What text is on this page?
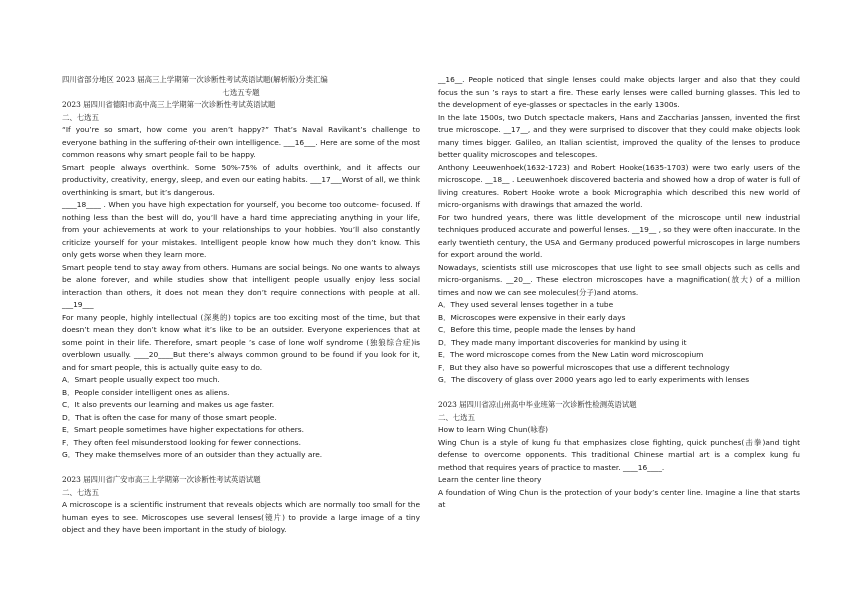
四川省部分地区 2023 届高三上学期第一次诊断性考试英语试题(解析版)分类汇编

七选五专题

2023 届四川省德阳市高中高三上学期第一次诊断性考试英语试题

二、七选五

“If you’re so smart, how come you aren’t happy?” That’s Naval Ravikant’s challenge to everyone bathing in the suffering of-their own intelligence. ___16___. Here are some of the most common reasons why smart people fail to be happy.

Smart people always overthink. Some 50%-75% of adults overthink, and it affects our productivity, creativity, energy, sleep, and even our eating habits. ___17___Worst of all, we think overthinking is smart, but it’s dangerous.

____18____ . When you have high expectation for yourself, you become too outcome- focused. If nothing less than the best will do, you’ll have a hard time appreciating anything in your life, from your achievements at work to your relationships to your hobbies. You’ll also constantly criticize yourself for your mistakes. Intelligent people know how much they don’t know. This only gets worse when they learn more.

Smart people tend to stay away from others. Humans are social beings. No one wants to always be alone forever, and while studies show that intelligent people usually enjoy less social interaction than others, it does not mean they don’t require connections with people at all. ___19___

For many people, highly intellectual (深奥的) topics are too exciting most of the time, but that doesn’t mean they don’t know what it’s like to be an outsider. Everyone experiences that at some point in their life. Therefore, smart people ’s case of lone wolf syndrome (独狼综合症)is overblown usually. ____20____But there’s always common ground to be found if you look for it, and for smart people, this is actually quite easy to do.

A．Smart people usually expect too much.

B．People consider intelligent ones as aliens.

C．It also prevents our learning and makes us age faster.

D．That is often the case for many of those smart people.

E．Smart people sometimes have higher expectations for others.

F．They often feel misunderstood looking for fewer connections.

G．They make themselves more of an outsider than they actually are.

2023 届四川省广安市高三上学期第一次诊断性考试英语试题

二、七选五

A microscope is a scientific instrument that reveals objects which are normally too small for the human eyes to see. Microscopes use several lenses(镜片) to provide a large image of a tiny object and they have been important in the study of biology.

__16__. People noticed that single lenses could make objects larger and also that they could focus the sun ’s rays to start a fire. These early lenses were called burning glasses. This led to the development of eye-glasses or spectacles in the early 1300s.

In the late 1500s, two Dutch spectacle makers, Hans and Zaccharias Janssen, invented the first true microscope. __17__, and they were surprised to discover that they could make objects look many times bigger. Galileo, an Italian scientist, improved the quality of the lenses to produce better quality microscopes and telescopes.

Anthony Leeuwenhoek(1632-1723) and Robert Hooke(1635-1703) were two early users of the microscope. __18__ . Leeuwenhoek discovered bacteria and showed how a drop of water is full of living creatures. Robert Hooke wrote a book Micrographia which described this new world of micro-organisms with drawings that amazed the world.

For two hundred years, there was little development of the microscope until new industrial techniques produced accurate and powerful lenses. __19__ , so they were often inaccurate. In the early twentieth century, the USA and Germany produced powerful microscopes in large numbers for export around the world.

Nowadays, scientists still use microscopes that use light to see small objects such as cells and micro-organisms. __20__. These electron microscopes have a magnification(放大) of a million times and now we can see molecules(分子)and atoms.

A．They used several lenses together in a tube

B．Microscopes were expensive in their early days

C．Before this time, people made the lenses by hand

D．They made many important discoveries for mankind by using it

E．The word microscope comes from the New Latin word microscopium

F．But they also have so powerful microscopes that use a different technology

G．The discovery of glass over 2000 years ago led to early experiments with lenses

2023 届四川省凉山州高中毕业班第一次诊断性检测英语试题

二、七选五

How to learn Wing Chun(咏春)

Wing Chun is a style of kung fu that emphasizes close fighting, quick punches(击拳)and tight defense to overcome opponents. This traditional Chinese martial art is a complex kung fu method that requires years of practice to master. ____16____.

Learn the center line theory

A foundation of Wing Chun is the protection of your body’s center line. Imagine a line that starts at
